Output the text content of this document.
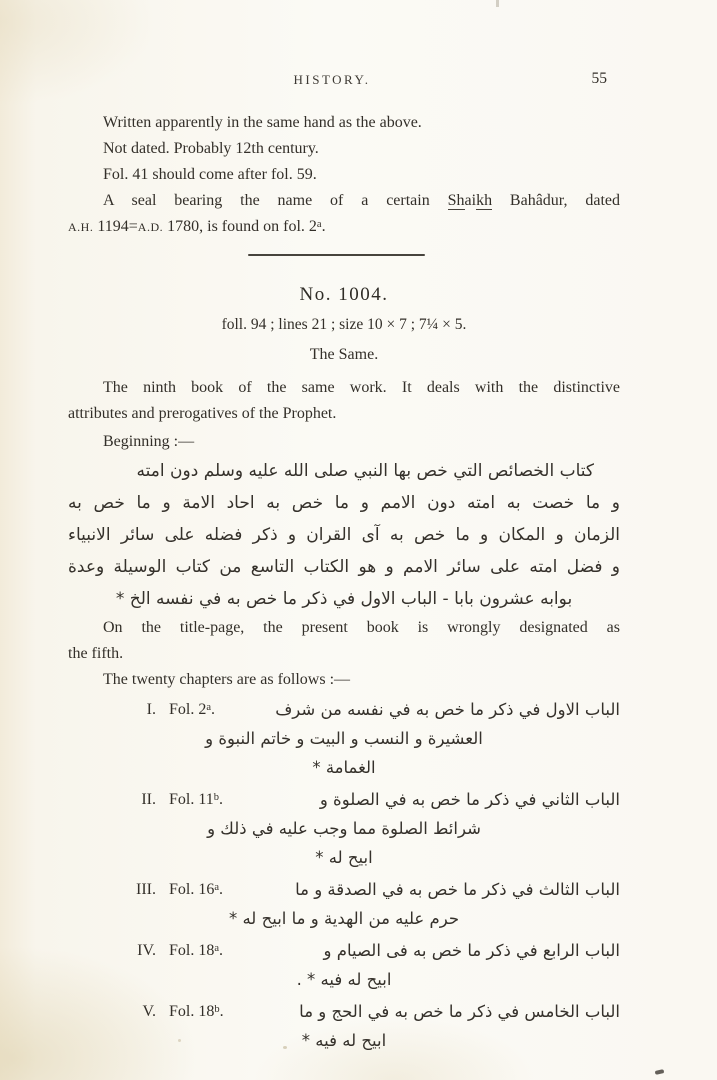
HISTORY.	55
Written apparently in the same hand as the above.
Not dated. Probably 12th century.
Fol. 41 should come after fol. 59.
A seal bearing the name of a certain Shaikh Bahâdur, dated
A.H. 1194=A.D. 1780, is found on fol. 2$^a$.
No. 1004.
foll. 94 ; lines 21 ; size 10 × 7 ; 7¼ × 5.
The Same.
The ninth book of the same work. It deals with the distinctive
attributes and prerogatives of the Prophet.
Beginning :—
كتاب الخصائص التي خص بها النبي صلى الله عليه وسلم دون امته
و ما خصت به امته دون الامم و ما خص به احاد الامة و ما خص به
الزمان و المكان و ما خص به آى القران و ذكر فضله على سائر الانبياء
و فضل امته على سائر الامم و هو الكتاب التاسع من كتاب الوسيلة وعدة
بوابه عشرون بابا - الباب الاول في ذكر ما خص به في نفسه الخ *
On the title-page, the present book is wrongly designated as
the fifth.
The twenty chapters are as follows :—
I. Fol. 2$^a$.	الباب الاول في ذكر ما خص به في نفسه من شرف
العشيرة و النسب و البيت و خاتم النبوة و
الغمامة *
II. Fol. 11$^b$.	الباب الثاني في ذكر ما خص به في الصلوة و
شرائط الصلوة مما وجب عليه في ذلك و
ابيح له *
III. Fol. 16$^a$.	الباب الثالث في ذكر ما خص به في الصدقة و ما
حرم عليه من الهدية و ما ابيح له *
IV. Fol. 18$^a$.	الباب الرابع في ذكر ما خص به فى الصيام و
ابيح له فيه * .
V. Fol. 18$^b$.	الباب الخامس في ذكر ما خص به في الحج و ما
ابيح له فيه *
